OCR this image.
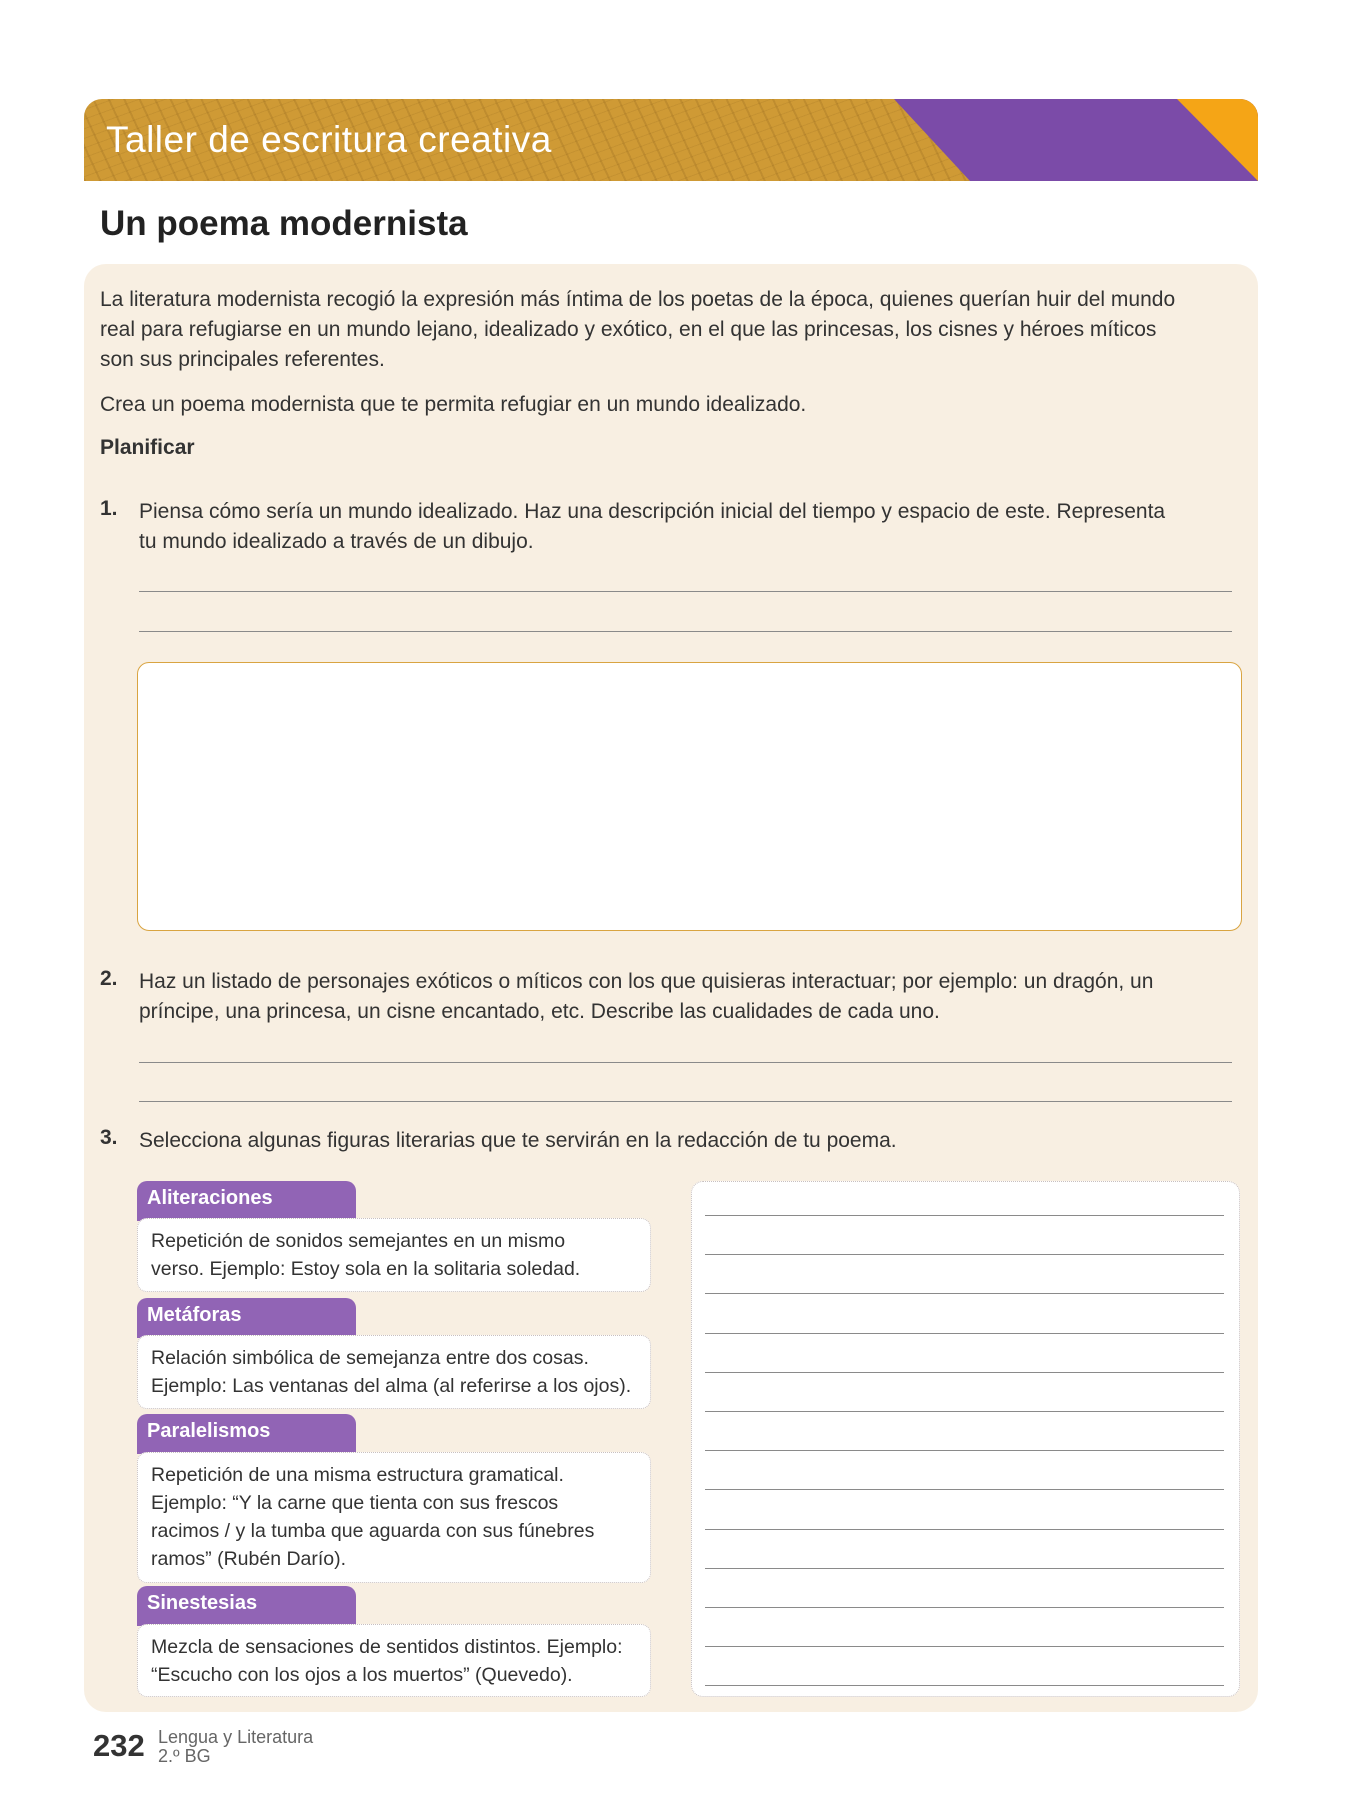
Taller de escritura creativa
DUA
Participación
Un poema modernista
La literatura modernista recogió la expresión más íntima de los poetas de la época, quienes querían huir del mundo
real para refugiarse en un mundo lejano, idealizado y exótico, en el que las princesas, los cisnes y héroes míticos
son sus principales referentes.
Crea un poema modernista que te permita refugiar en un mundo idealizado.
Planificar
1. Piensa cómo sería un mundo idealizado. Haz una descripción inicial del tiempo y espacio de este. Representa
tu mundo idealizado a través de un dibujo.
2. Haz un listado de personajes exóticos o míticos con los que quisieras interactuar; por ejemplo: un dragón, un
príncipe, una princesa, un cisne encantado, etc. Describe las cualidades de cada uno.
3. Selecciona algunas figuras literarias que te servirán en la redacción de tu poema.
Aliteraciones
Repetición de sonidos semejantes en un mismo
verso. Ejemplo: Estoy sola en la solitaria soledad.
Metáforas
Relación simbólica de semejanza entre dos cosas.
Ejemplo: Las ventanas del alma (al referirse a los ojos).
Paralelismos
Repetición de una misma estructura gramatical.
Ejemplo: “Y la carne que tienta con sus frescos
racimos / y la tumba que aguarda con sus fúnebres
ramos” (Rubén Darío).
Sinestesias
Mezcla de sensaciones de sentidos distintos. Ejemplo:
“Escucho con los ojos a los muertos” (Quevedo).
232 Lengua y Literatura
2.º BG
